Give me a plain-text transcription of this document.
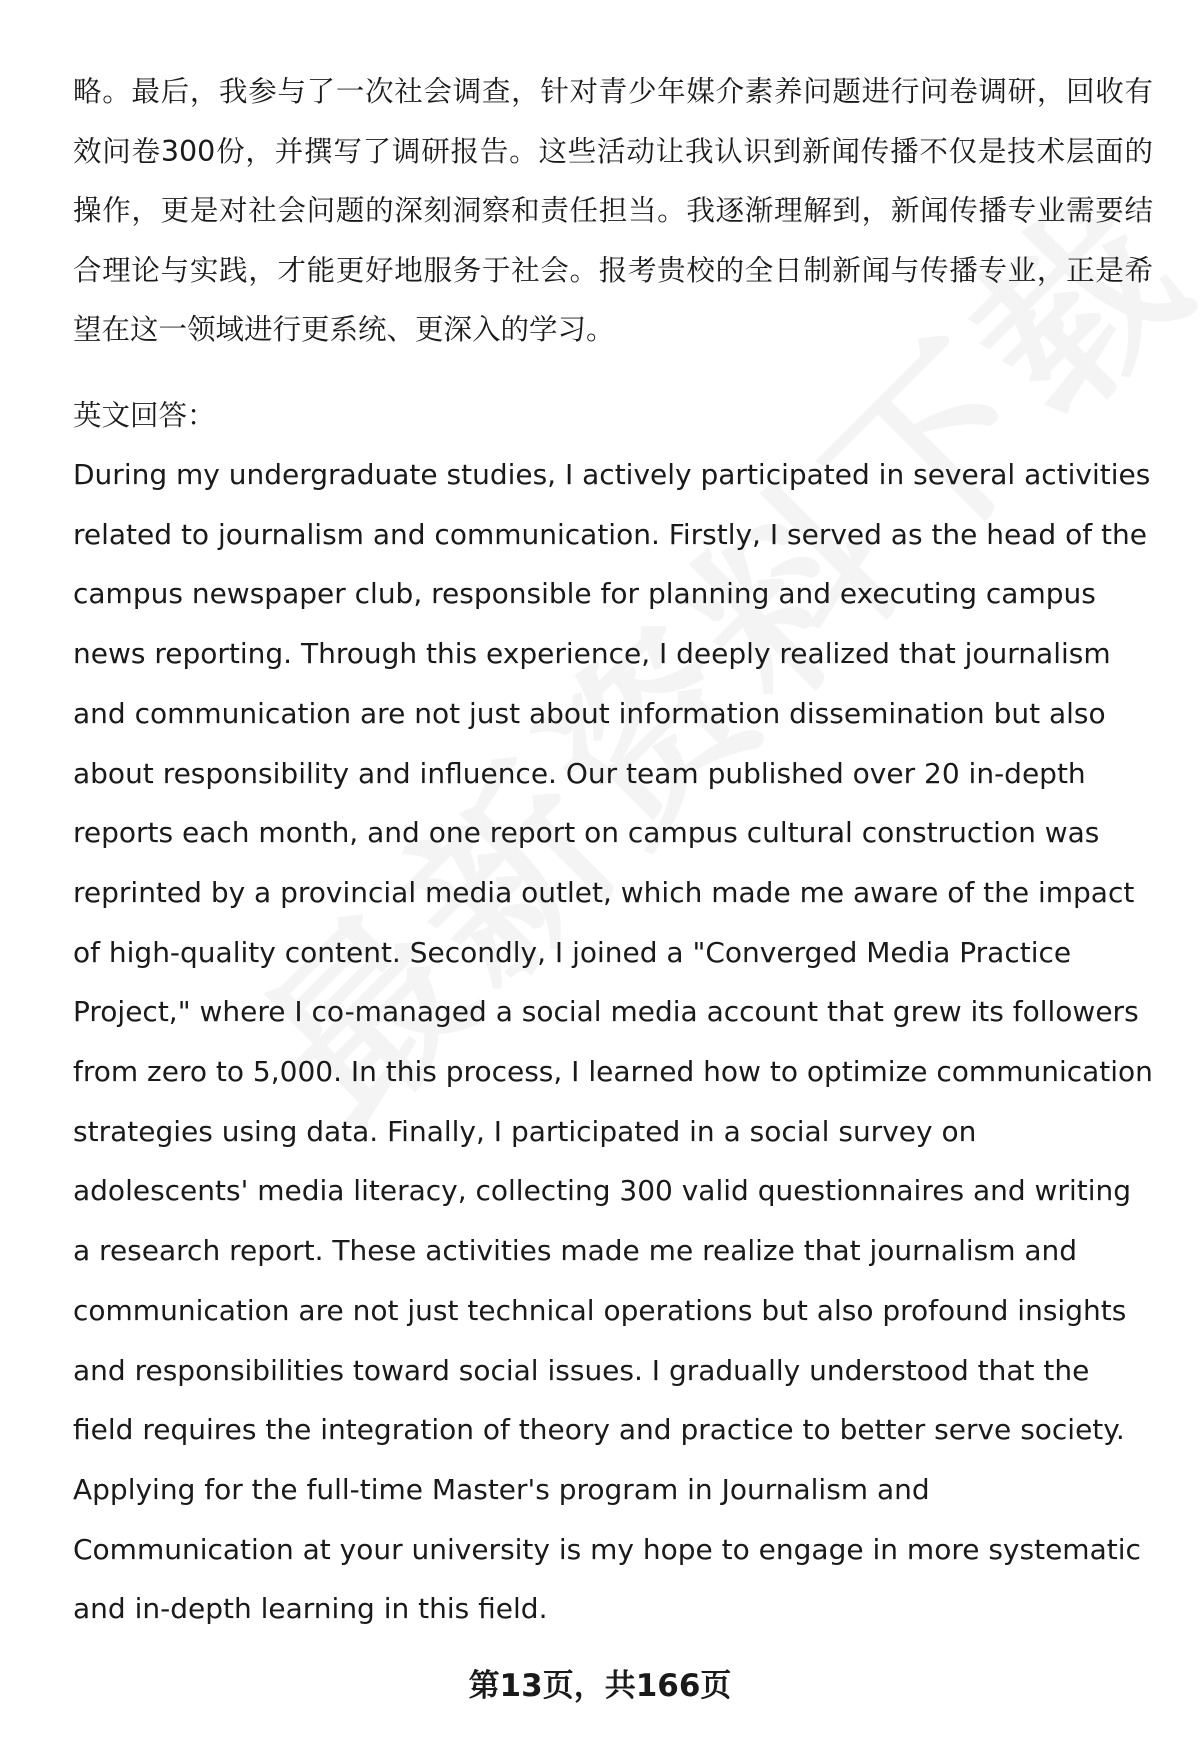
略。最后，我参与了一次社会调查，针对青少年媒介素养问题进行问卷调研，回收有效问卷300份，并撰写了调研报告。这些活动让我认识到新闻传播不仅是技术层面的操作，更是对社会问题的深刻洞察和责任担当。我逐渐理解到，新闻传播专业需要结合理论与实践，才能更好地服务于社会。报考贵校的全日制新闻与传播专业，正是希望在这一领域进行更系统、更深入的学习。

英文回答：

During my undergraduate studies, I actively participated in several activities related to journalism and communication. Firstly, I served as the head of the campus newspaper club, responsible for planning and executing campus news reporting. Through this experience, I deeply realized that journalism and communication are not just about information dissemination but also about responsibility and influence. Our team published over 20 in-depth reports each month, and one report on campus cultural construction was reprinted by a provincial media outlet, which made me aware of the impact of high-quality content. Secondly, I joined a "Converged Media Practice Project," where I co-managed a social media account that grew its followers from zero to 5,000. In this process, I learned how to optimize communication strategies using data. Finally, I participated in a social survey on adolescents' media literacy, collecting 300 valid questionnaires and writing a research report. These activities made me realize that journalism and communication are not just technical operations but also profound insights and responsibilities toward social issues. I gradually understood that the field requires the integration of theory and practice to better serve society. Applying for the full-time Master's program in Journalism and Communication at your university is my hope to engage in more systematic and in-depth learning in this field.

第13页，共166页
